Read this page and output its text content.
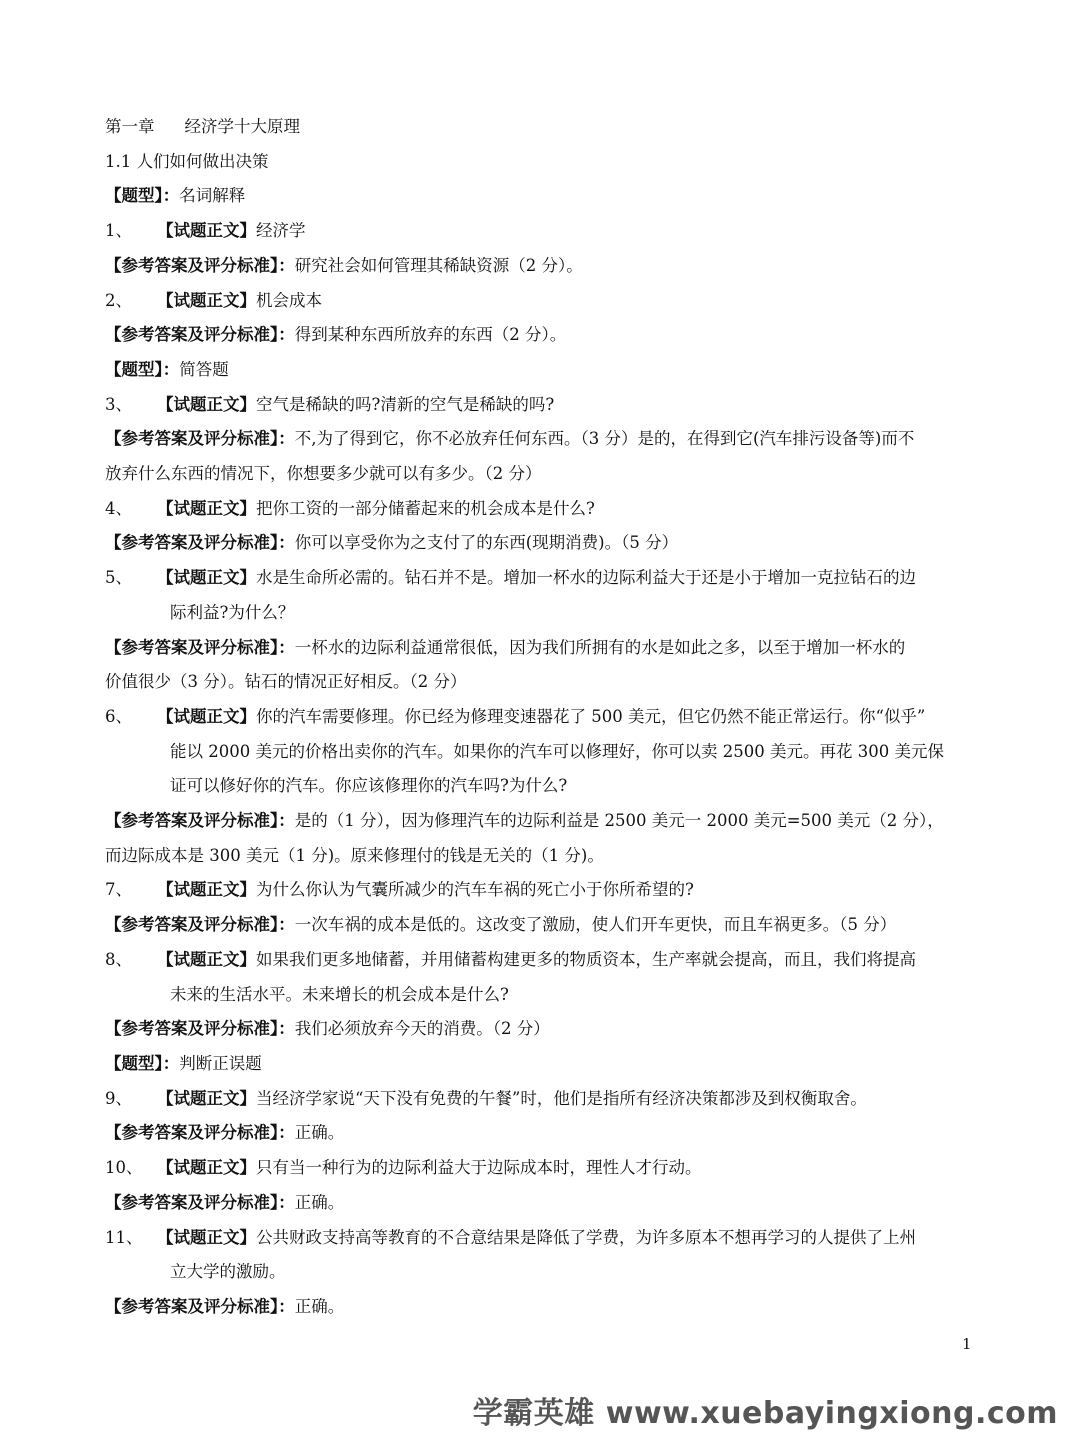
第一章 经济学十大原理
1.1 人们如何做出决策
【题型】：名词解释
1、 【试题正文】经济学
【参考答案及评分标准】：研究社会如何管理其稀缺资源（2 分）。
2、 【试题正文】机会成本
【参考答案及评分标准】：得到某种东西所放弃的东西（2 分）。
【题型】：简答题
3、 【试题正文】空气是稀缺的吗?清新的空气是稀缺的吗?
【参考答案及评分标准】：不,为了得到它，你不必放弃任何东西。（3 分）是的，在得到它(汽车排污设备等)而不
放弃什么东西的情况下，你想要多少就可以有多少。（2 分）
4、 【试题正文】把你工资的一部分储蓄起来的机会成本是什么?
【参考答案及评分标准】：你可以享受你为之支付了的东西(现期消费)。（5 分）
5、 【试题正文】水是生命所必需的。钻石并不是。增加一杯水的边际利益大于还是小于增加一克拉钻石的边
际利益?为什么？
【参考答案及评分标准】：一杯水的边际利益通常很低，因为我们所拥有的水是如此之多，以至于增加一杯水的
价值很少（3 分）。钻石的情况正好相反。（2 分）
6、 【试题正文】你的汽车需要修理。你已经为修理变速器花了 500 美元，但它仍然不能正常运行。你“似乎”
能以 2000 美元的价格出卖你的汽车。如果你的汽车可以修理好，你可以卖 2500 美元。再花 300 美元保
证可以修好你的汽车。你应该修理你的汽车吗?为什么?
【参考答案及评分标准】：是的（1 分），因为修理汽车的边际利益是 2500 美元一 2000 美元=500 美元（2 分），
而边际成本是 300 美元（1 分)。原来修理付的钱是无关的（1 分)。
7、 【试题正文】为什么你认为气囊所减少的汽车车祸的死亡小于你所希望的?
【参考答案及评分标准】：一次车祸的成本是低的。这改变了激励，使人们开车更快，而且车祸更多。（5 分）
8、 【试题正文】如果我们更多地储蓄，并用储蓄构建更多的物质资本，生产率就会提高，而且，我们将提高
未来的生活水平。未来增长的机会成本是什么?
【参考答案及评分标准】：我们必须放弃今天的消费。（2 分）
【题型】：判断正误题
9、 【试题正文】当经济学家说“天下没有免费的午餐”时，他们是指所有经济决策都涉及到权衡取舍。
【参考答案及评分标准】：正确。
10、 【试题正文】只有当一种行为的边际利益大于边际成本时，理性人才行动。
【参考答案及评分标准】：正确。
11、 【试题正文】公共财政支持高等教育的不合意结果是降低了学费，为许多原本不想再学习的人提供了上州
立大学的激励。
【参考答案及评分标准】：正确。
1
学霸英雄 www.xuebayingxiong.com
